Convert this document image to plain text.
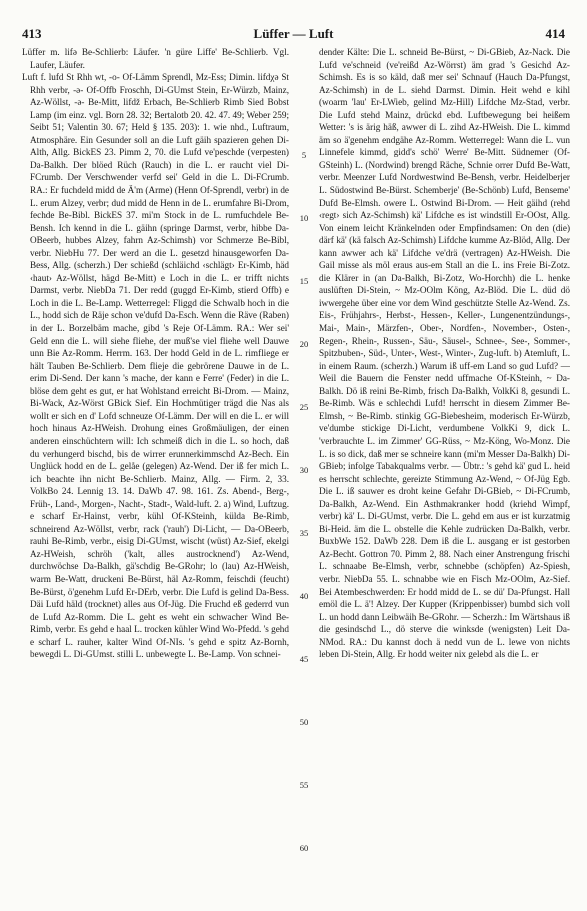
413	Lüffer — Luft	414

Lüffer m. lifə Be-Schlierb: Läufer. 'n güre Liffe' Be-Schlierb. Vgl. Laufer, Läufer.

Luft f. lufd St Rhh wt, -o- Of-Lämm Sprendl, Mz-Ess; Dimin. lifdχə St Rhh verbr, -ə- Of-Offb Froschh, Di-GUmst Stein, Er-Würzb, Mainz, Az-Wöllst, -ə- Be-Mitt, lifdž Erbach, Be-Schlierb Rimb Sied Bobst Lamp (im einz. vgl. Born 28. 32; Bertalotb 20. 42. 47. 49; Weber 259; Seibt 51; Valentin 30. 67; Held § 135. 203): 1. wie nhd., Luftraum, Atmosphäre. Ein Gesunder soll an die Luft gäih spazieren gehen Di-Alth, Allg. BickES 23. Pimm 2, 70. die Lufd ve'peschde (verpesten) Da-Balkh. Der blöed Rüch (Rauch) in die L. er raucht viel Di-FCrumb. Der Verschwender verfd sei' Geld in die L. Di-FCrumb. RA.: Er fuchdeld midd de Ä'm (Arme) (Henn Of-Sprendl, verbr) in de L. erum Alzey, verbr; dud midd de Henn in de L. erumfahre Bi-Drom, fechde Be-Bibl. BickES 37. mi'm Stock in de L. rumfuchdele Be-Bensh. Ich kennd in die L. gäihn (springe Darmst, verbr, hibbe Da-OBeerb, hubbes Alzey, fahrn Az-Schimsh) vor Schmerze Be-Bibl, verbr. NiebHu 77. Der werd an die L. gesetzd hinausgeworfen Da-Bess, Allg. (scherzh.) Der schießd (schläichd ‹schlägt› Er-Kimb, häd ‹haut› Az-Wöllst, hägd Be-Mitt) e Loch in die L. er trifft nichts Darmst, verbr. NiebDa 71. Der redd (guggd Er-Kimb, stierd Offb) e Loch in die L. Be-Lamp. Wetterregel: Fliggd die Schwalb hoch in die L., hodd sich de Räje schon ve'dufd Da-Esch. Wenn die Räve (Raben) in der L. Borzelbäm mache, gibd 's Reje Of-Lämm. RA.: Wer sei' Geld enn die L. will siehe fliehe, der muß'se viel fliehe well Dauwe unn Bie Az-Romm. Herrm. 163. Der hodd Geld in de L. rimfliege er hält Tauben Be-Schlierb. Dem flieje die gebrörene Dauwe in de L. erim Di-Send. Der kann 's mache, der kann e Ferre' (Feder) in die L. blöse dem geht es gut, er hat Wohlstand erreicht Bi-Drom. — Mainz, Bi-Wack, Az-Wörst GBick Sief. Ein Hochmütiger trägd die Nas als wollt er sich en d' Lofd schneuze Of-Lämm. Der will en die L. er will hoch hinaus Az-HWeish. Drohung eines Großmäuligen, der einen anderen einschüchtern will: Ich schmeiß dich in die L. so hoch, daß du verhungerd bischd, bis de wirrer erunnerkimmschd Az-Bech. Ein Unglück hodd en de L. gelåe (gelegen) Az-Wend. Der iß fer mich L. ich beachte ihn nicht Be-Schlierb. Mainz, Allg. — Firm. 2, 33. VolkBo 24. Lennig 13. 14. DaWb 47. 98. 161. Zs. Abend-, Berg-, Früh-, Land-, Morgen-, Nacht-, Stadt-, Wald-luft. 2. a) Wind, Luftzug. e scharf Er-Hainst, verbr, kühl Of-KSteinh, külda Be-Rimb, schneirend Az-Wöllst, verbr, rack ('rauh') Di-Licht, — Da-OBeerb, rauhi Be-Rimb, verbr., eisig Di-GUmst, wischt (wüst) Az-Sief, ekelgi Az-HWeish, schröh ('kalt, alles austrocknend') Az-Wend, durchwöchse Da-Balkh, gä'schdig Be-GRohr; lo (lau) Az-HWeish, warm Be-Watt, druckeni Be-Bürst, häl Az-Romm, feischdi (feucht) Be-Bürst, ö'genehm Lufd Er-DErb, verbr. Die Lufd is gelind Da-Bess. Däi Lufd häld (trocknet) alles aus Of-Jüg. Die Fruchd eß gederrd vun de Lufd Az-Romm. Die L. geht es weht ein schwacher Wind Be-Rimb, verbr. Es gehd e haal L. trocken kühler Wind Wo-Pfedd. 's gehd e scharf L. rauher, kalter Wind Of-NIs. 's gehd e spitz Az-Bornh, bewegdi L. Di-GUmst. stilli L. unbewegte L. Be-Lamp. Von schnei-

5
10
15
20
25
30
35
40
45
50
55
60

dender Kälte: Die L. schneid Be-Bürst, ~ Di-GBieb, Az-Nack. Die Lufd ve'schneid (ve'reißd Az-Wörrst) äm grad 's Gesichd Az-Schimsh. Es is so käld, daß mer sei' Schnauf (Hauch Da-Pfungst, Az-Schimsh) in de L. siehd Darmst. Dimin. Heit wehd e kihl (woarm 'lau' Er-LWieb, gelind Mz-Hill) Lifdche Mz-Stad, verbr. Die Lufd stehd Mainz, drückd ebd. Luftbewegung bei heißem Wetter: 's is ärig häß, awwer di L. zihd Az-HWeish. Die L. kimmd äm so ä'genehm endgähe Az-Romm. Wetterregel: Wann die L. vun Linnefele kimmd, gidd's schö' Werre' Be-Mitt. Südnemer (Of-GSteinh) L. (Nordwind) brengd Räche, Schnie orrer Dufd Be-Watt, verbr. Meenzer Lufd Nordwestwind Be-Bensh, verbr. Heidelberjer L. Südostwind Be-Bürst. Schemberje' (Be-Schönb) Lufd, Benseme' Dufd Be-Elmsh. owere L. Ostwind Bi-Drom. — Heit gäihd (rehd ‹regt› sich Az-Schimsh) kä' Lifdche es ist windstill Er-OOst, Allg. Von einem leicht Kränkelnden oder Empfindsamen: On den (die) därf kä' (kä falsch Az-Schimsh) Lifdche kumme Az-Blöd, Allg. Der kann awwer ach kä' Lifdche ve'drä (vertragen) Az-HWeish. Die Gail misse als möl eraus aus-em Stall an die L. ins Freie Bi-Zotz. die Klärer in (an Da-Balkh, Bi-Zotz, Wo-Horchh) die L. henke auslüften Di-Stein, ~ Mz-OOlm Köng, Az-Blöd. Die L. düd dö iwwergehe über eine vor dem Wind geschützte Stelle Az-Wend. Zs. Eis-, Frühjahrs-, Herbst-, Hessen-, Keller-, Lungenentzündungs-, Mai-, Main-, Märzfen-, Ober-, Nordfen-, November-, Osten-, Regen-, Rhein-, Russen-, Säu-, Säusel-, Schnee-, See-, Sommer-, Spitzbuben-, Süd-, Unter-, West-, Winter-, Zug-luft. b) Atemluft, L. in einem Raum. (scherzh.) Warum iß uff-em Land so gud Lufd? — Weil die Bauern die Fenster nedd uffmache Of-KSteinh, ~ Da-Balkh. Dö iß reini Be-Rimb, frisch Da-Balkh, VolkKi 8, gesundi L. Be-Rimb. Wäs e schlechdi Lufd! herrscht in diesem Zimmer Be-Elmsh, ~ Be-Rimb. stinkig GG-Biebesheim, moderisch Er-Würzb, ve'dumbe stickige Di-Licht, verdumbene VolkKi 9, dick L. 'verbrauchte L. im Zimmer' GG-Rüss, ~ Mz-Köng, Wo-Monz. Die L. is so dick, daß mer se schneire kann (mi'm Messer Da-Balkh) Di-GBieb; infolge Tabakqualms verbr. — Übtr.: 's gehd kä' gud L. heid es herrscht schlechte, gereizte Stimmung Az-Wend, ~ Of-Jüg Egb. Die L. iß sauwer es droht keine Gefahr Di-GBieb, ~ Di-FCrumb, Da-Balkh, Az-Wend. Ein Asthmakranker hodd (kriehd Wimpf, verbr) kä' L. Di-GUmst, verbr. Die L. gehd em aus er ist kurzatmig Bi-Heid. äm die L. obstelle die Kehle zudrücken Da-Balkh, verbr. BuxbWe 152. DaWb 228. Dem iß die L. ausgang er ist gestorben Az-Becht. Gottron 70. Pimm 2, 88. Nach einer Anstrengung frischi L. schnaabe Be-Elmsh, verbr, schnebbe (schöpfen) Az-Spiesh, verbr. NiebDa 55. L. schnabbe wie en Fisch Mz-OOlm, Az-Sief. Bei Atembeschwerden: Er hodd midd de L. se dü' Da-Pfungst. Hall emöl die L. ä'! Alzey. Der Kupper (Krippenbisser) bumbd sich voll L. un hodd dann Leibwäih Be-GRohr. — Scherzh.: Im Wärtshaus iß die gesindschd L., dö sterve die winksde (wenigsten) Leit Da-NMod. RA.: Du kannst doch ä nedd vun de L. lewe von nichts leben Di-Stein, Allg. Er hodd weiter nix gelebd als die L. er
